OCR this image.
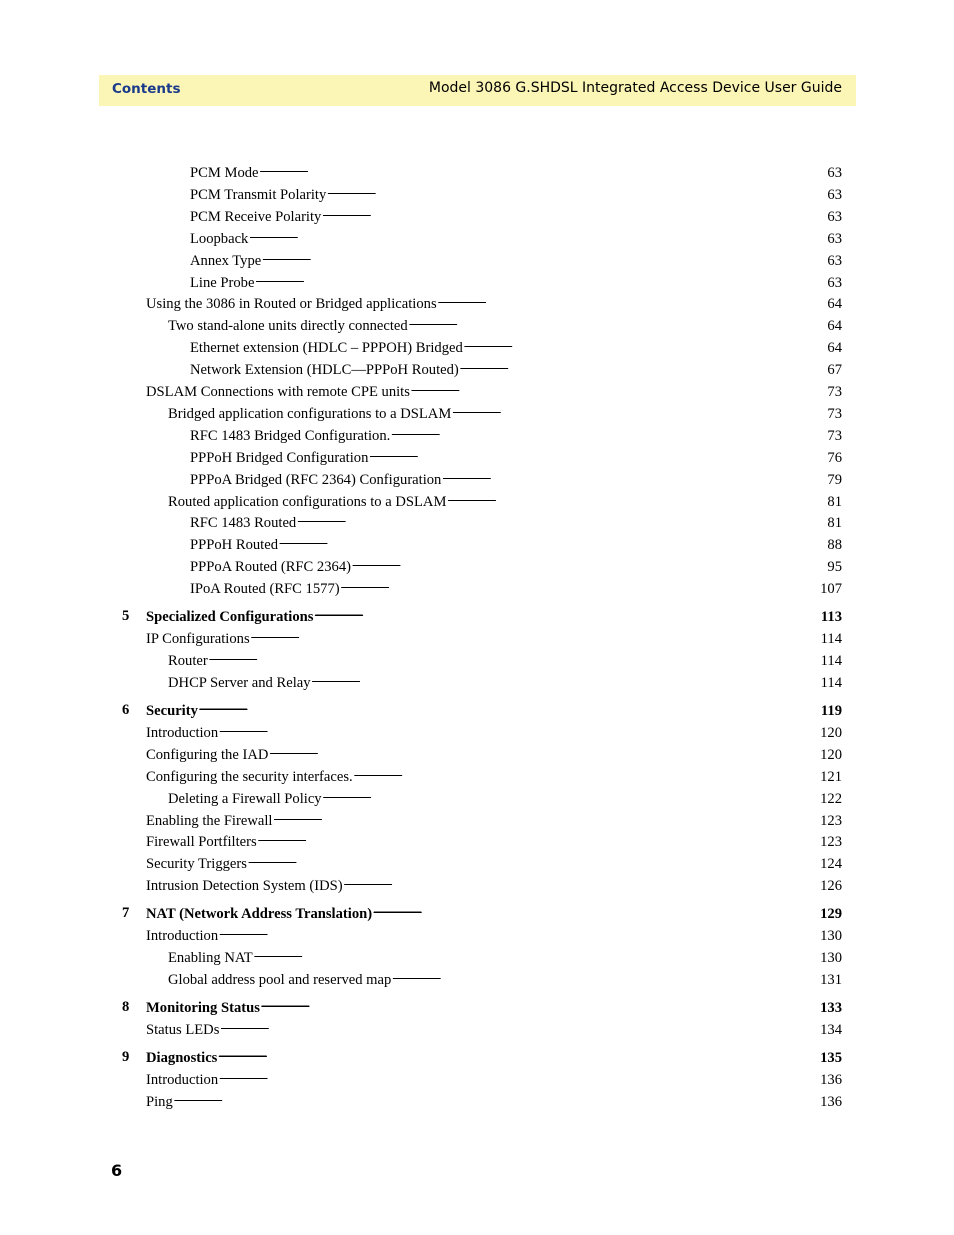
Contents	Model 3086 G.SHDSL Integrated Access Device User Guide
PCM Mode . . .	63
PCM Transmit Polarity . . .	63
PCM Receive Polarity . . .	63
Loopback . . .	63
Annex Type . . .	63
Line Probe . . .	63
Using the 3086 in Routed or Bridged applications . . .	64
Two stand-alone units directly connected . . .	64
Ethernet extension (HDLC – PPPOH) Bridged . . .	64
Network Extension (HDLC—PPPoH Routed) . . .	67
DSLAM Connections with remote CPE units . . .	73
Bridged application configurations to a DSLAM . . .	73
RFC 1483 Bridged Configuration. . . .	73
PPPoH Bridged Configuration . . .	76
PPPoA Bridged (RFC 2364) Configuration . . .	79
Routed application configurations to a DSLAM . . .	81
RFC 1483 Routed . . .	81
PPPoH Routed . . .	88
PPPoA Routed (RFC 2364) . . .	95
IPoA Routed (RFC 1577) . . .	107
5 Specialized Configurations . . .	113
IP Configurations . . .	114
Router . . .	114
DHCP Server and Relay . . .	114
6 Security . . .	119
Introduction . . .	120
Configuring the IAD . . .	120
Configuring the security interfaces. . . .	121
Deleting a Firewall Policy . . .	122
Enabling the Firewall . . .	123
Firewall Portfilters . . .	123
Security Triggers . . .	124
Intrusion Detection System (IDS) . . .	126
7 NAT (Network Address Translation) . . .	129
Introduction . . .	130
Enabling NAT . . .	130
Global address pool and reserved map . . .	131
8 Monitoring Status . . .	133
Status LEDs . . .	134
9 Diagnostics . . .	135
Introduction . . .	136
Ping . . .	136
6
